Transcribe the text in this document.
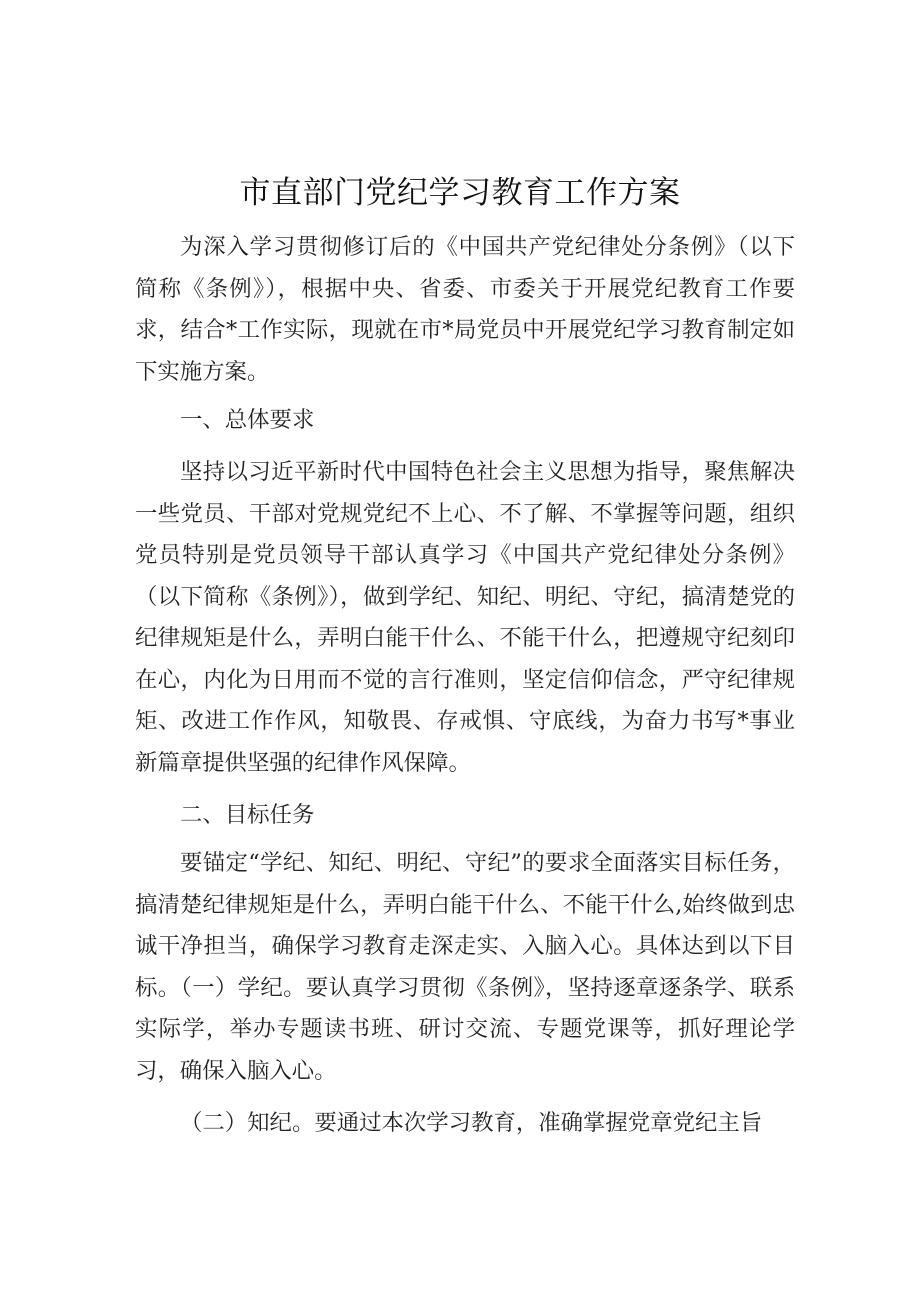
市直部门党纪学习教育工作方案

为深入学习贯彻修订后的《中国共产党纪律处分条例》（以下简称《条例》），根据中央、省委、市委关于开展党纪教育工作要求，结合*工作实际，现就在市*局党员中开展党纪学习教育制定如下实施方案。

一、总体要求

坚持以习近平新时代中国特色社会主义思想为指导，聚焦解决一些党员、干部对党规党纪不上心、不了解、不掌握等问题，组织党员特别是党员领导干部认真学习《中国共产党纪律处分条例》（以下简称《条例》），做到学纪、知纪、明纪、守纪，搞清楚党的纪律规矩是什么，弄明白能干什么、不能干什么，把遵规守纪刻印在心，内化为日用而不觉的言行准则，坚定信仰信念，严守纪律规矩、改进工作作风，知敬畏、存戒惧、守底线，为奋力书写*事业新篇章提供坚强的纪律作风保障。

二、目标任务

要锚定“学纪、知纪、明纪、守纪”的要求全面落实目标任务，搞清楚纪律规矩是什么，弄明白能干什么、不能干什么,始终做到忠诚干净担当，确保学习教育走深走实、入脑入心。具体达到以下目标。（一）学纪。要认真学习贯彻《条例》，坚持逐章逐条学、联系实际学，举办专题读书班、研讨交流、专题党课等，抓好理论学习，确保入脑入心。

（二）知纪。要通过本次学习教育，准确掌握党章党纪主旨
